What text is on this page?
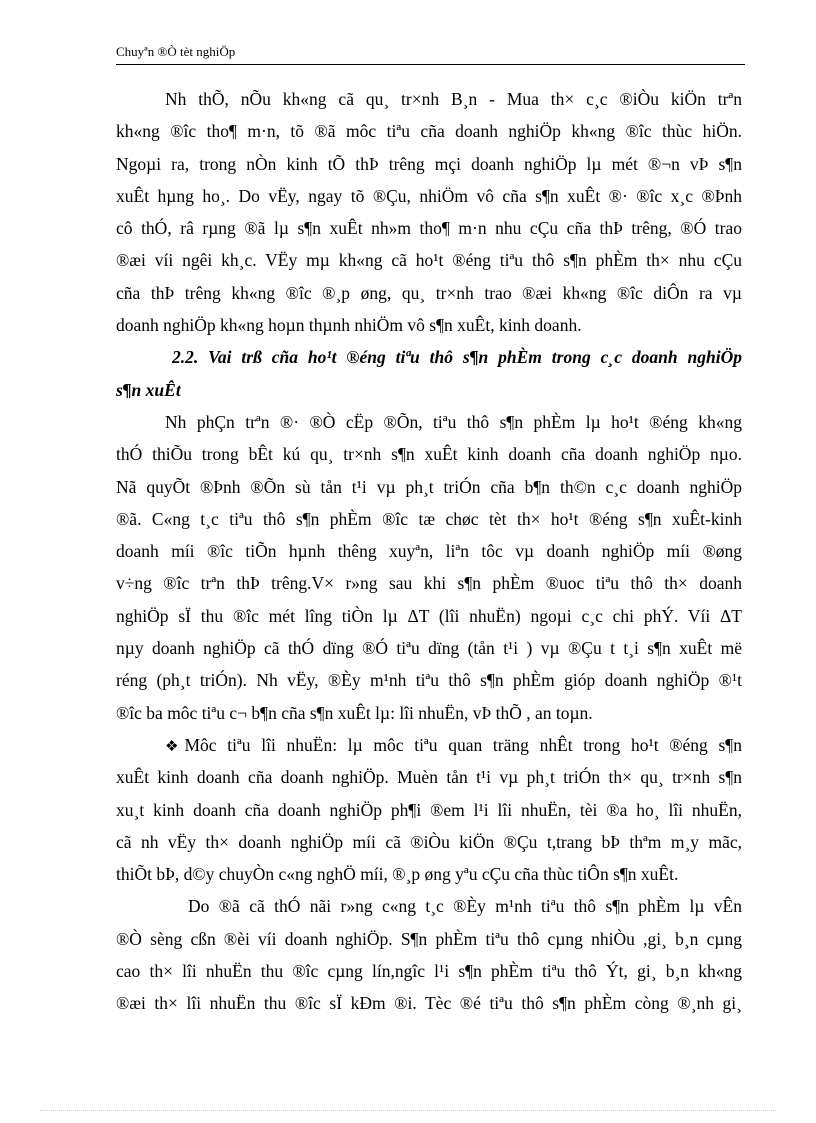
Chuyªn ®Ò tèt nghiÖp
Nh thÕ, nÕu kh«ng cã qu¸ tr×nh B¸n - Mua th× c¸c ®iÒu kiÖn trªn
kh«ng ®îc tho¶ m·n, tõ ®ã môc tiªu cña doanh nghiÖp kh«ng ®îc thùc hiÖn.
Ngoµi ra, trong nÒn kinh tÕ thÞ trêng mçi doanh nghiÖp lµ mét ®¬n vÞ s¶n
xuÊt hµng ho¸. Do vËy, ngay tõ ®Çu, nhiÖm vô cña s¶n xuÊt ®· ®îc x¸c ®Þnh
cô thÓ, râ rµng ®ã lµ s¶n xuÊt nh»m tho¶ m·n nhu cÇu cña thÞ trêng, ®Ó trao
®æi víi ngêi kh¸c. VËy mµ kh«ng cã ho¹t ®éng tiªu thô s¶n phÈm th× nhu cÇu
cña thÞ trêng kh«ng ®îc ®¸p øng, qu¸ tr×nh trao ®æi kh«ng ®îc diÔn ra vµ
doanh nghiÖp kh«ng hoµn thµnh nhiÖm vô s¶n xuÊt, kinh doanh.
2.2. Vai trß cña ho¹t ®éng tiªu thô s¶n phÈm trong c¸c doanh nghiÖp
s¶n xuÊt
Nh phÇn trªn ®· ®Ò cËp ®Õn, tiªu thô s¶n phÈm lµ ho¹t ®éng kh«ng
thÓ thiÕu trong bÊt kú qu¸ tr×nh s¶n xuÊt kinh doanh cña doanh nghiÖp nµo.
Nã quyÕt ®Þnh ®Õn sù tån t¹i vµ ph¸t triÓn cña b¶n th©n c¸c doanh nghiÖp
®ã. C«ng t¸c tiªu thô s¶n phÈm ®îc tæ chøc tèt th× ho¹t ®éng s¶n xuÊt-kinh
doanh míi ®îc tiÕn hµnh thêng xuyªn, liªn tôc vµ doanh nghiÖp míi ®øng
v÷ng ®îc trªn thÞ trêng.V× r»ng sau khi s¶n phÈm ®uoc tiªu thô th× doanh
nghiÖp sÏ thu ®îc mét lîng tiÒn lµ ΔT (lîi nhuËn) ngoµi c¸c chi phÝ. Víi ΔT
nµy doanh nghiÖp cã thÓ dïng ®Ó tiªu dïng (tån t¹i ) vµ ®Çu t t¸i s¶n xuÊt më
réng (ph¸t triÓn). Nh vËy, ®Èy m¹nh tiªu thô s¶n phÈm gióp doanh nghiÖp ®¹t
®îc ba môc tiªu c¬ b¶n cña s¶n xuÊt lµ: lîi nhuËn, vÞ thÕ , an toµn.
❖ Môc tiªu lîi nhuËn: lµ môc tiªu quan träng nhÊt trong ho¹t ®éng s¶n
xuÊt kinh doanh cña doanh nghiÖp. Muèn tån t¹i vµ ph¸t triÓn th× qu¸ tr×nh s¶n
xu¸t kinh doanh cña doanh nghiÖp ph¶i ®em l¹i lîi nhuËn, tèi ®a ho¸ lîi nhuËn,
cã nh vËy th× doanh nghiÖp míi cã ®iÒu kiÖn ®Çu t,trang bÞ thªm m¸y mãc,
thiÕt bÞ, d©y chuyÒn c«ng nghÖ míi, ®¸p øng yªu cÇu cña thùc tiÔn s¶n xuÊt.
Do ®ã cã thÓ nãi r»ng c«ng t¸c ®Èy m¹nh tiªu thô s¶n phÈm lµ vÊn
®Ò sèng cßn ®èi víi doanh nghiÖp. S¶n phÈm tiªu thô cµng nhiÒu ,gi¸ b¸n cµng
cao th× lîi nhuËn thu ®îc cµng lín,ngîc l¹i s¶n phÈm tiªu thô Ýt, gi¸ b¸n kh«ng
®æi th× lîi nhuËn thu ®îc sÏ kÐm ®i. Tèc ®é tiªu thô s¶n phÈm còng ®¸nh gi¸
